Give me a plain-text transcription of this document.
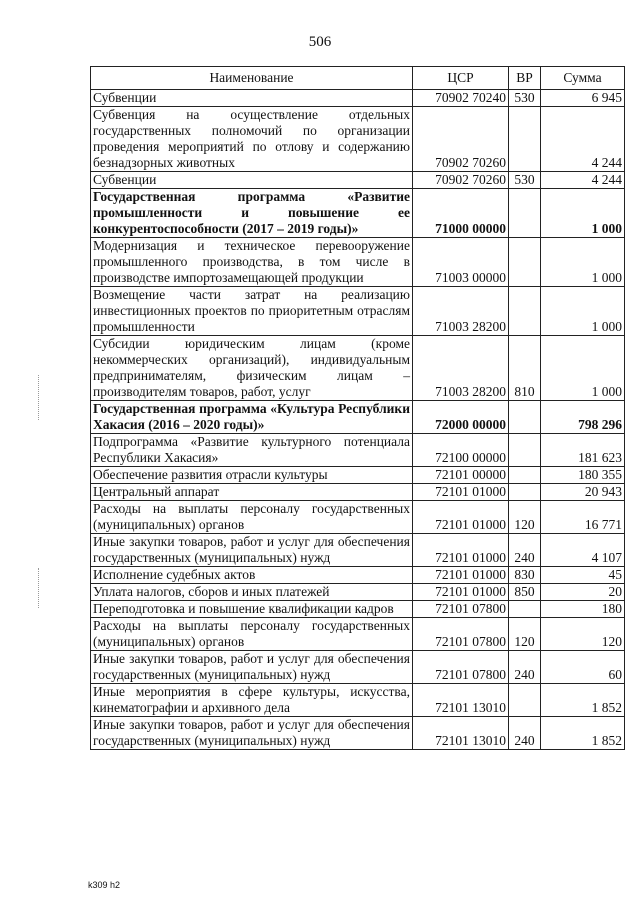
506
Наименование	ЦСР	ВР	Сумма
Субвенции	70902 70240	530	6 945
Субвенция на осуществление отдельных государственных полномочий по организации проведения мероприятий по отлову и содержанию безнадзорных животных	70902 70260		4 244
Субвенции	70902 70260	530	4 244
Государственная программа «Развитие промышленности и повышение ее конкурентоспособности (2017 – 2019 годы)»	71000 00000		1 000
Модернизация и техническое перевооружение промышленного производства, в том числе в производстве импортозамещающей продукции	71003 00000		1 000
Возмещение части затрат на реализацию инвестиционных проектов по приоритетным отраслям промышленности	71003 28200		1 000
Субсидии юридическим лицам (кроме некоммерческих организаций), индивидуальным предпринимателям, физическим лицам – производителям товаров, работ, услуг	71003 28200	810	1 000
Государственная программа «Культура Республики Хакасия (2016 – 2020 годы)»	72000 00000		798 296
Подпрограмма «Развитие культурного потенциала Республики Хакасия»	72100 00000		181 623
Обеспечение развития отрасли культуры	72101 00000		180 355
Центральный аппарат	72101 01000		20 943
Расходы на выплаты персоналу государственных (муниципальных) органов	72101 01000	120	16 771
Иные закупки товаров, работ и услуг для обеспечения государственных (муниципальных) нужд	72101 01000	240	4 107
Исполнение судебных актов	72101 01000	830	45
Уплата налогов, сборов и иных платежей	72101 01000	850	20
Переподготовка и повышение квалификации кадров	72101 07800		180
Расходы на выплаты персоналу государственных (муниципальных) органов	72101 07800	120	120
Иные закупки товаров, работ и услуг для обеспечения государственных (муниципальных) нужд	72101 07800	240	60
Иные мероприятия в сфере культуры, искусства, кинематографии и архивного дела	72101 13010		1 852
Иные закупки товаров, работ и услуг для обеспечения государственных (муниципальных) нужд	72101 13010	240	1 852
k309 h2
